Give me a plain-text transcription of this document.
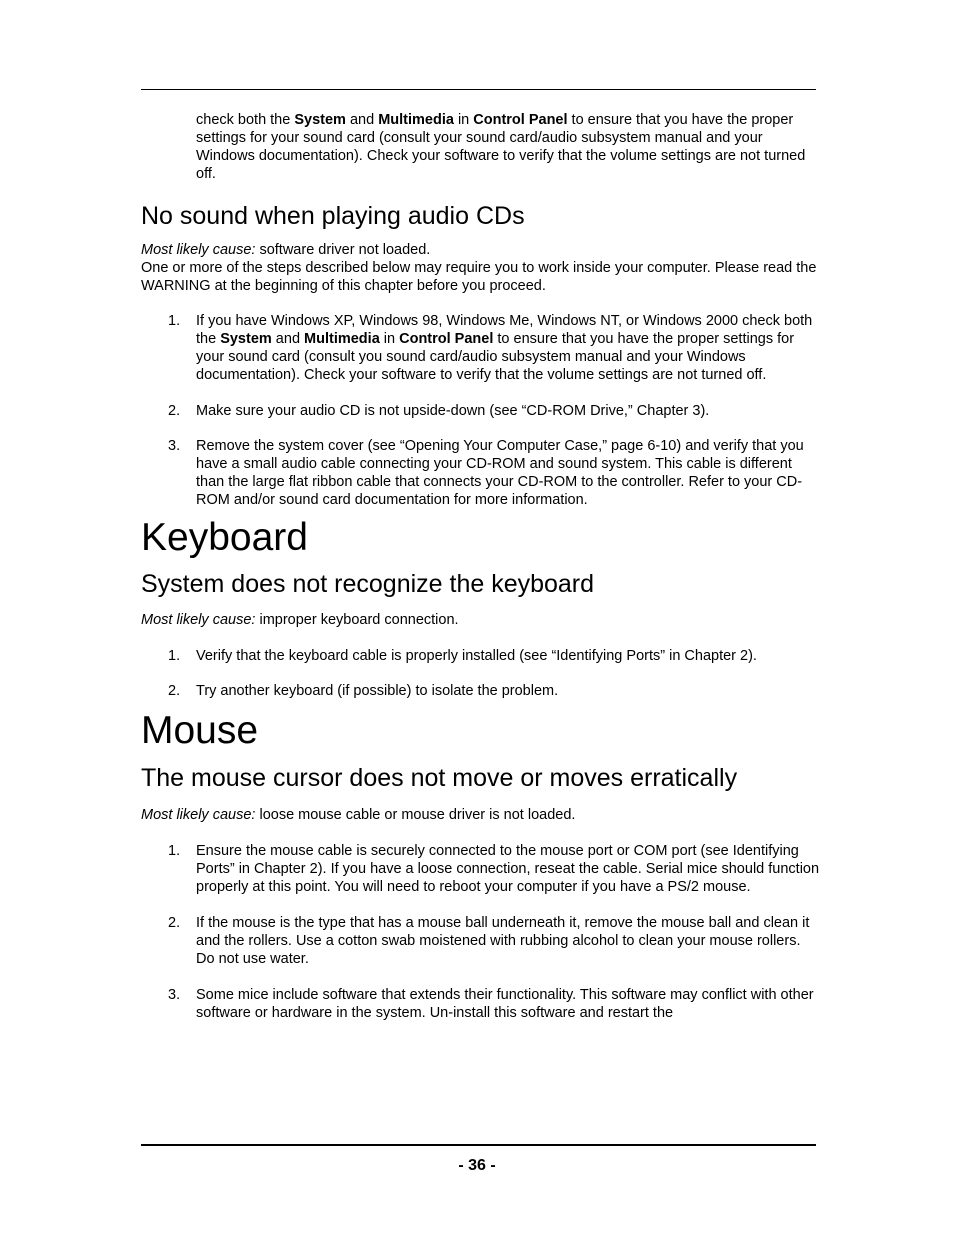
check both the System and Multimedia in Control Panel to ensure that you have the proper settings for your sound card (consult your sound card/audio subsystem manual and your Windows documentation). Check your software to verify that the volume settings are not turned off.

No sound when playing audio CDs

Most likely cause: software driver not loaded.

One or more of the steps described below may require you to work inside your computer. Please read the WARNING at the beginning of this chapter before you proceed.

1. If you have Windows XP, Windows 98, Windows Me, Windows NT, or Windows 2000 check both the System and Multimedia in Control Panel to ensure that you have the proper settings for your sound card (consult you sound card/audio subsystem manual and your Windows documentation). Check your software to verify that the volume settings are not turned off.
2. Make sure your audio CD is not upside-down (see “CD-ROM Drive,” Chapter 3).
3. Remove the system cover (see “Opening Your Computer Case,” page 6-10) and verify that you have a small audio cable connecting your CD-ROM and sound system. This cable is different than the large flat ribbon cable that connects your CD-ROM to the controller. Refer to your CD-ROM and/or sound card documentation for more information.
Keyboard
System does not recognize the keyboard

Most likely cause: improper keyboard connection.

1. Verify that the keyboard cable is properly installed (see “Identifying Ports” in Chapter 2).
2. Try another keyboard (if possible) to isolate the problem.
Mouse
The mouse cursor does not move or moves erratically

Most likely cause: loose mouse cable or mouse driver is not loaded.

1. Ensure the mouse cable is securely connected to the mouse port or COM port (see Identifying Ports” in Chapter 2). If you have a loose connection, reseat the cable. Serial mice should function properly at this point. You will need to reboot your computer if you have a PS/2 mouse.
2. If the mouse is the type that has a mouse ball underneath it, remove the mouse ball and clean it and the rollers. Use a cotton swab moistened with rubbing alcohol to clean your mouse rollers. Do not use water.
3. Some mice include software that extends their functionality. This software may conflict with other software or hardware in the system. Un-install this software and restart the
- 36 -
